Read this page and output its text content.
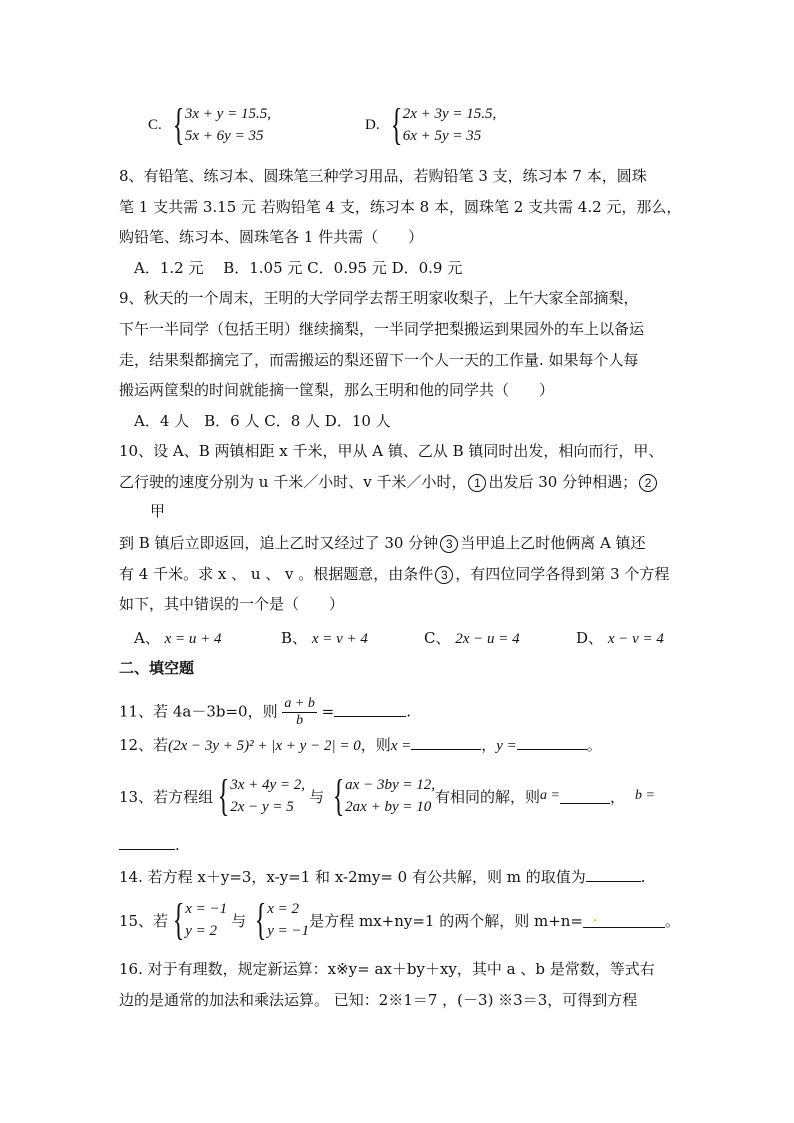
C. { 3x + y = 15.5,
5x + 6y = 35
D. { 2x + 3y = 15.5,
6x + 5y = 35
8、有铅笔、练习本、圆珠笔三种学习用品，若购铅笔 3 支，练习本 7 本，圆珠
笔 1 支共需 3.15 元 若购铅笔 4 支，练习本 8 本，圆珠笔 2 支共需 4.2 元，那么，
购铅笔、练习本、圆珠笔各 1 件共需（　　）
A．1.2 元　 B．1.05 元 C．0.95 元 D．0.9 元
9、秋天的一个周末，王明的大学同学去帮王明家收梨子，上午大家全部摘梨，
下午一半同学（包括王明）继续摘梨，一半同学把梨搬运到果园外的车上以备运
走，结果梨都摘完了，而需搬运的梨还留下一个人一天的工作量. 如果每个人每
搬运两筐梨的时间就能摘一筐梨，那么王明和他的同学共（　　）
A．4 人　B．6 人 C．8 人 D．10 人
10、设 A、B 两镇相距 x 千米，甲从 A 镇、乙从 B 镇同时出发，相向而行，甲、
乙行驶的速度分别为 u 千米／小时、v 千米／小时， 1 出发后 30 分钟相遇； 2
甲
到 B 镇后立即返回，追上乙时又经过了 30 分钟 3 当甲追上乙时他俩离 A 镇还
有 4 千米。求 x 、 u 、 v 。根据题意，由条件 3 ，有四位同学各得到第 3 个方程
如下，其中错误的一个是（　　）
A、 x = u + 4	B、 x = v + 4	C、 2x − u = 4	D、 x − v = 4
二、填空题
11、若 4a－3b=0，则 $\frac{a + b}{b}$ =	.
12、若(2x − 3y + 5)² + |x + y − 2| = 0，则x =	，y =	。
13、若方程组 { 3x + 4y = 2,
2x − y = 5
与 { ax − 3by = 12,
2ax + by = 10
有相同的解，则 a =	， b =
.
14. 若方程 x＋y=3，x-y=1 和 x-2my= 0 有公共解，则 m 的取值为	.
15、若 { x = −1
y = 2
与 { x = 2
y = −1
是方程 mx+ny=1 的两个解，则 m+n= .	。
16. 对于有理数，规定新运算：x※y= ax＋by＋xy，其中 a 、b 是常数，等式右
边的是通常的加法和乘法运算。 已知：2※1＝7 ，(－3) ※3＝3，可得到方程
